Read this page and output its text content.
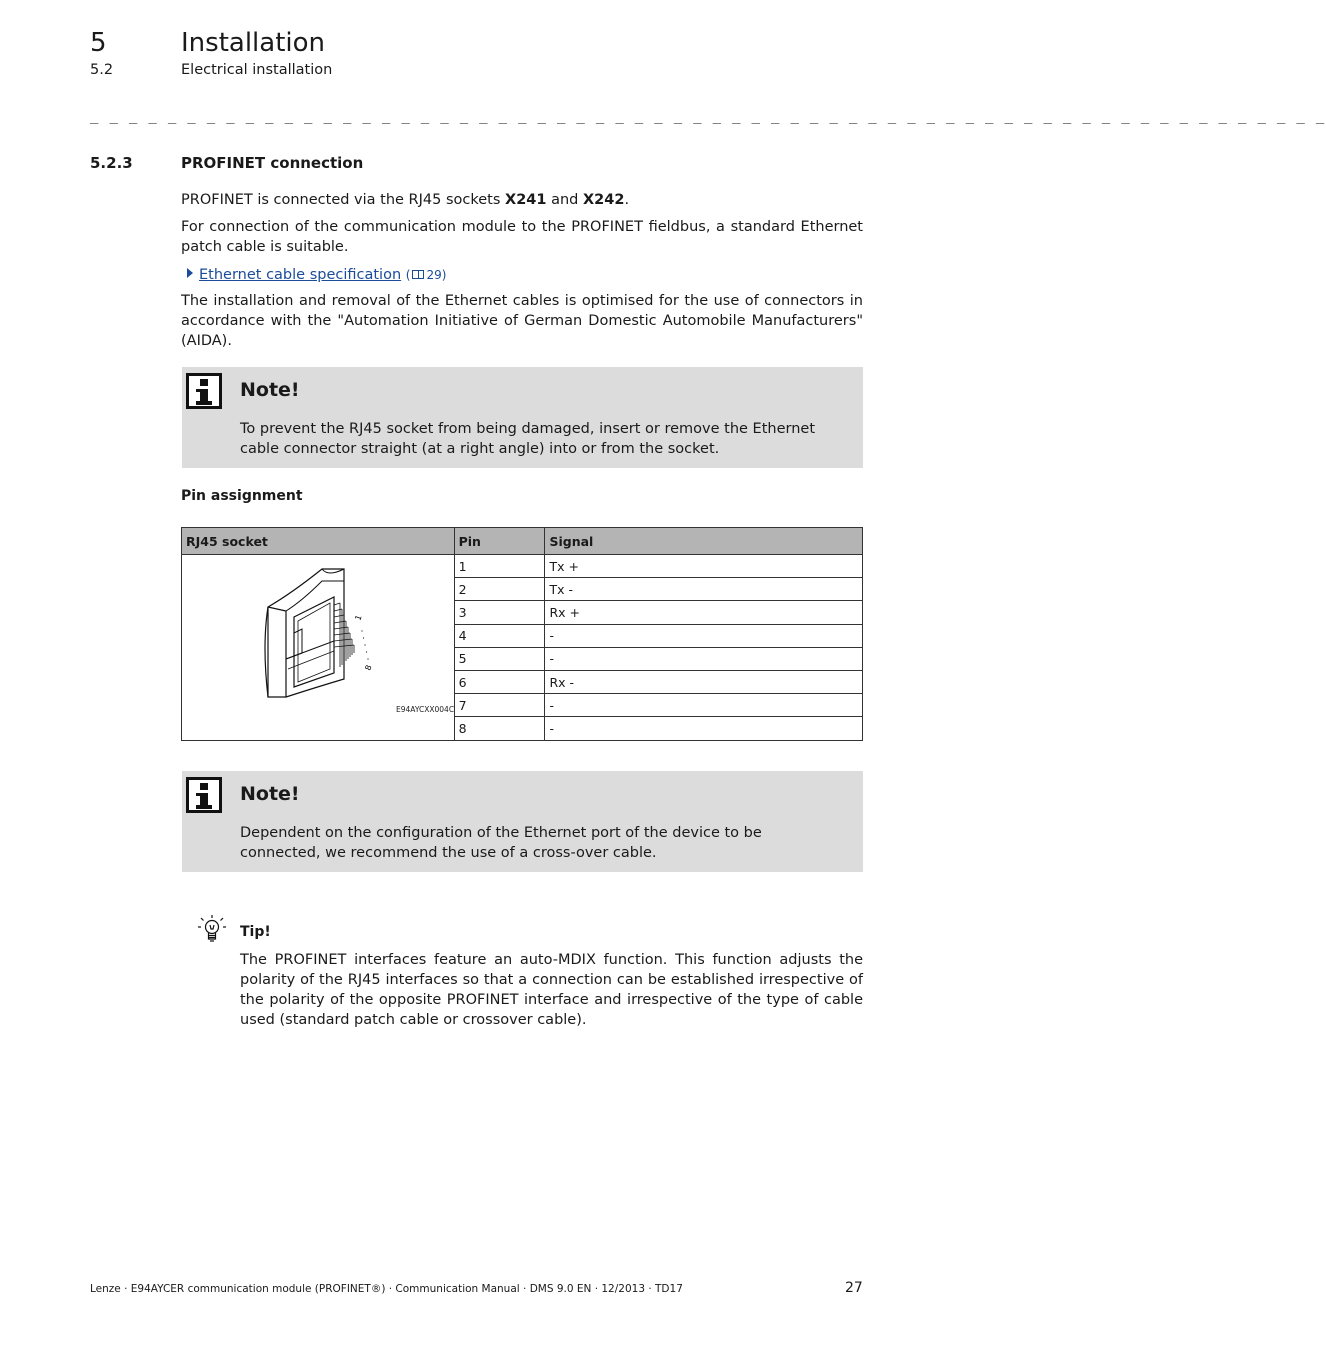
5	Installation
5.2	Electrical installation
_ _ _ _ _ _ _ _ _ _ _ _ _ _ _ _ _ _ _ _ _ _ _ _ _ _ _ _ _ _ _ _ _ _ _ _ _ _ _ _ _ _ _ _ _ _ _ _ _ _ _ _ _ _ _ _ _ _ _ _ _ _ _ _
5.2.3	PROFINET connection
PROFINET is connected via the RJ45 sockets X241 and X242.
For connection of the communication module to the PROFINET fieldbus, a standard Ethernet patch cable is suitable.
Ethernet cable specification ( 29)
The installation and removal of the Ethernet cables is optimised for the use of connectors in accordance with the "Automation Initiative of German Domestic Automobile Manufacturers" (AIDA).
Note!
To prevent the RJ45 socket from being damaged, insert or remove the Ethernet cable connector straight (at a right angle) into or from the socket.
Pin assignment
RJ45 socket	Pin	Signal

1
8
E94AYCXX004C	1	Tx +
	2	Tx -
	3	Rx +
	4	-
	5	-
	6	Rx -
	7	-
	8	-
Note!
Dependent on the configuration of the Ethernet port of the device to be connected, we recommend the use of a cross-over cable.
Tip!
The PROFINET interfaces feature an auto-MDIX function. This function adjusts the polarity of the RJ45 interfaces so that a connection can be established irrespective of the polarity of the opposite PROFINET interface and irrespective of the type of cable used (standard patch cable or crossover cable).
Lenze · E94AYCER communication module (PROFINET®) · Communication Manual · DMS 9.0 EN · 12/2013 · TD17	27
